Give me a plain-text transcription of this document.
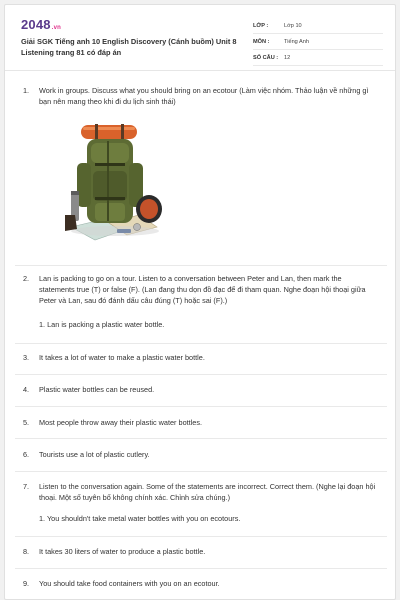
2048.vn
Giải SGK Tiếng anh 10 English Discovery (Cánh buồm) Unit 8 Listening trang 81 có đáp án
LỚP :	Lớp 10
MÔN :	Tiếng Anh
SỐ CÂU :	12
1.	Work in groups. Discuss what you should bring on an ecotour (Làm việc nhóm. Thảo luận về những gì bạn nên mang theo khi đi du lịch sinh thái)
2.	Lan is packing to go on a tour. Listen to a conversation between Peter and Lan, then mark the statements true (T) or false (F). (Lan đang thu dọn đồ đạc để đi tham quan. Nghe đoạn hội thoại giữa Peter và Lan, sau đó đánh dấu câu đúng (T) hoặc sai (F).)
1. Lan is packing a plastic water bottle.
3.	It takes a lot of water to make a plastic water bottle.
4.	Plastic water bottles can be reused.
5.	Most people throw away their plastic water bottles.
6.	Tourists use a lot of plastic cutlery.
7.	Listen to the conversation again. Some of the statements are incorrect. Correct them. (Nghe lại đoạn hội thoại. Một số tuyên bố không chính xác. Chỉnh sửa chúng.)
1. You shouldn't take metal water bottles with you on ecotours.
8.	It takes 30 liters of water to produce a plastic bottle.
9.	You should take food containers with you on an ecotour.
